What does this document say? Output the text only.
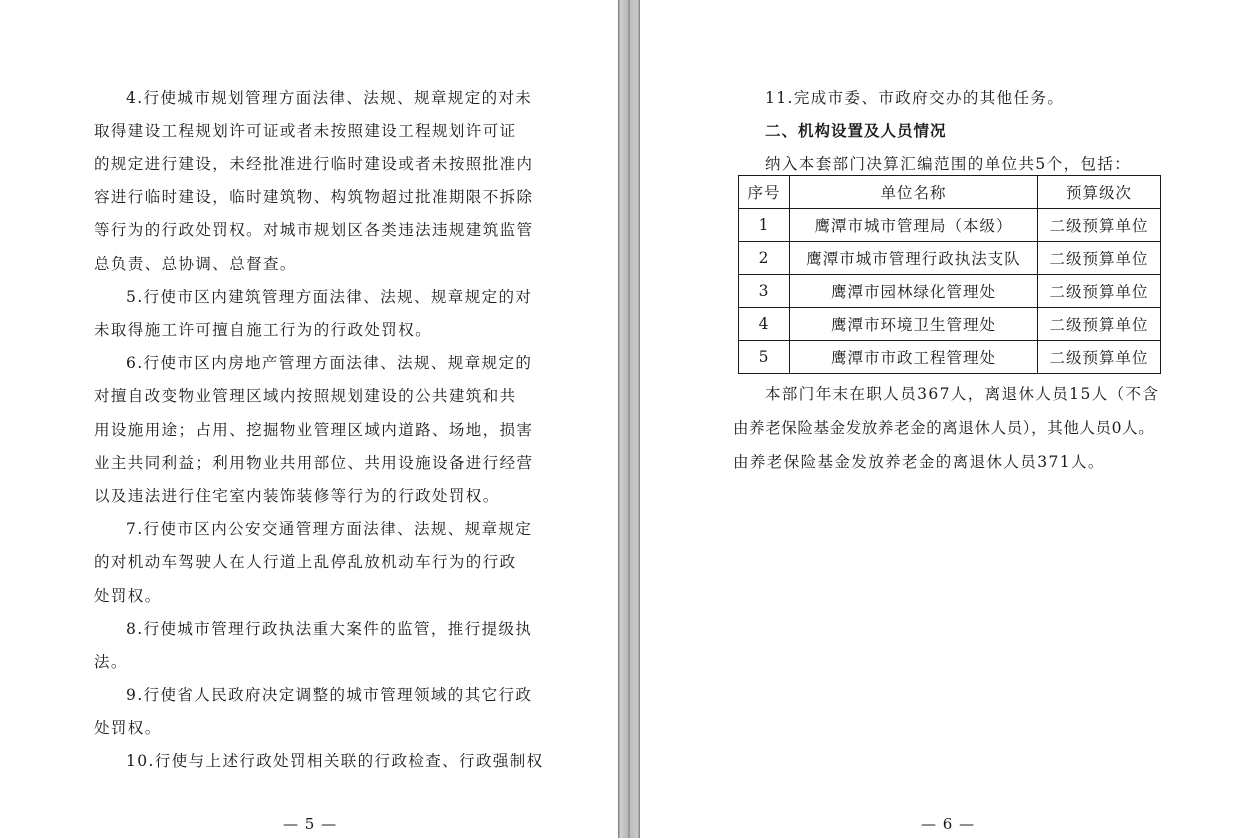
4.行使城市规划管理方面法律、法规、规章规定的对未
取得建设工程规划许可证或者未按照建设工程规划许可证
的规定进行建设，未经批准进行临时建设或者未按照批准内
容进行临时建设，临时建筑物、构筑物超过批准期限不拆除
等行为的行政处罚权。对城市规划区各类违法违规建筑监管
总负责、总协调、总督查。
5.行使市区内建筑管理方面法律、法规、规章规定的对
未取得施工许可擅自施工行为的行政处罚权。
6.行使市区内房地产管理方面法律、法规、规章规定的
对擅自改变物业管理区域内按照规划建设的公共建筑和共
用设施用途；占用、挖掘物业管理区域内道路、场地，损害
业主共同利益；利用物业共用部位、共用设施设备进行经营
以及违法进行住宅室内装饰装修等行为的行政处罚权。
7.行使市区内公安交通管理方面法律、法规、规章规定
的对机动车驾驶人在人行道上乱停乱放机动车行为的行政
处罚权。
8.行使城市管理行政执法重大案件的监管，推行提级执
法。
9.行使省人民政府决定调整的城市管理领域的其它行政
处罚权。
10.行使与上述行政处罚相关联的行政检查、行政强制权
— 5 —
11.完成市委、市政府交办的其他任务。
二、机构设置及人员情况
纳入本套部门决算汇编范围的单位共5个，包括：
序号	单位名称	预算级次
1	鹰潭市城市管理局（本级）	二级预算单位
2	鹰潭市城市管理行政执法支队	二级预算单位
3	鹰潭市园林绿化管理处	二级预算单位
4	鹰潭市环境卫生管理处	二级预算单位
5	鹰潭市市政工程管理处	二级预算单位
本部门年末在职人员367人，离退休人员15人（不含
由养老保险基金发放养老金的离退休人员），其他人员0人。
由养老保险基金发放养老金的离退休人员371人。
— 6 —
